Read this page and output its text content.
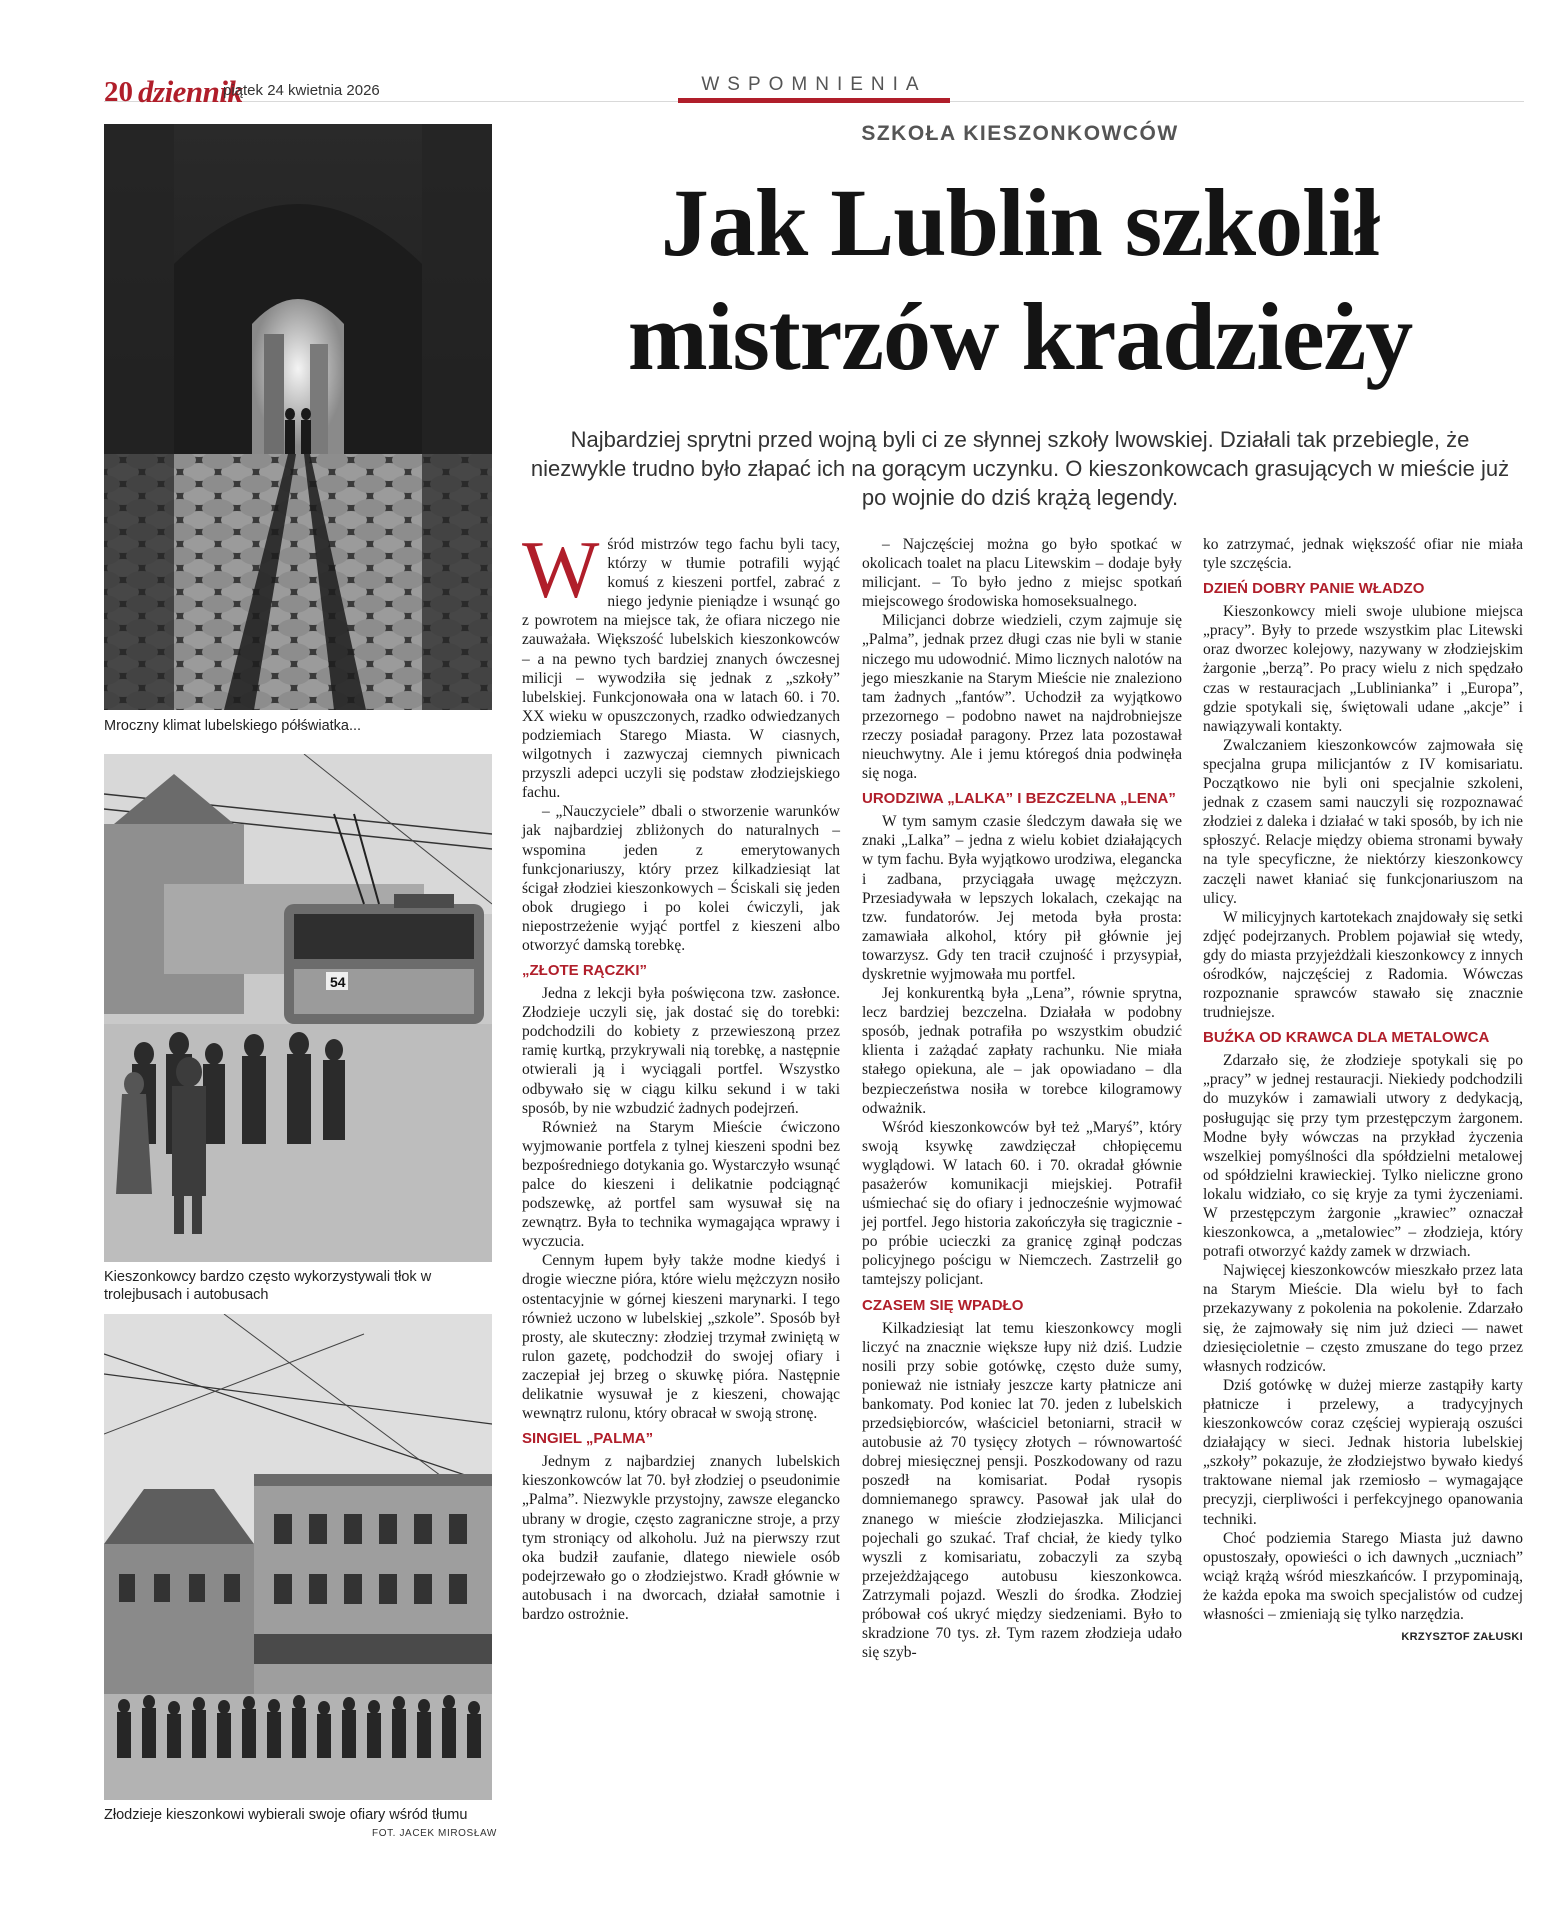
20 dziennik
piątek 24 kwietnia 2026	WSPOMNIENIA
Mroczny klimat lubelskiego półświatka...
54
Kieszonkowcy bardzo często wykorzystywali tłok w trolejbusach i autobusach
Złodzieje kieszonkowi wybierali swoje ofiary wśród tłumu
FOT. JACEK MIROSŁAW
SZKOŁA KIESZONKOWCÓW
Jak Lublin szkolił
mistrzów kradzieży
Najbardziej sprytni przed wojną byli ci ze słynnej szkoły lwowskiej. Działali tak przebiegle, że niezwykle trudno było złapać ich na gorącym uczynku. O kieszonkowcach grasujących w mieście już po wojnie do dziś krążą legendy.

Wśród mistrzów tego fachu byli tacy, którzy w tłumie potrafili wyjąć komuś z kieszeni portfel, zabrać z niego jedynie pieniądze i wsunąć go z powrotem na miejsce tak, że ofiara niczego nie zauważała. Większość lubelskich kieszonkowców – a na pewno tych bardziej znanych ówczesnej milicji – wywodziła się jednak z „szkoły” lubelskiej. Funkcjonowała ona w latach 60. i 70. XX wieku w opuszczonych, rzadko odwiedzanych podziemiach Starego Miasta. W ciasnych, wilgotnych i zazwyczaj ciemnych piwnicach przyszli adepci uczyli się podstaw złodziejskiego fachu.

– „Nauczyciele” dbali o stworzenie warunków jak najbardziej zbliżonych do naturalnych – wspomina jeden z emerytowanych funkcjonariuszy, który przez kilkadziesiąt lat ścigał złodziei kieszonkowych – Ściskali się jeden obok drugiego i po kolei ćwiczyli, jak niepostrzeżenie wyjąć portfel z kieszeni albo otworzyć damską torebkę.

„ZŁOTE RĄCZKI”

Jedna z lekcji była poświęcona tzw. zasłonce. Złodzieje uczyli się, jak dostać się do torebki: podchodzili do kobiety z przewieszoną przez ramię kurtką, przykrywali nią torebkę, a następnie otwierali ją i wyciągali portfel. Wszystko odbywało się w ciągu kilku sekund i w taki sposób, by nie wzbudzić żadnych podejrzeń.

Również na Starym Mieście ćwiczono wyjmowanie portfela z tylnej kieszeni spodni bez bezpośredniego dotykania go. Wystarczyło wsunąć palce do kieszeni i delikatnie podciągnąć podszewkę, aż portfel sam wysuwał się na zewnątrz. Była to technika wymagająca wprawy i wyczucia.

Cennym łupem były także modne kiedyś i drogie wieczne pióra, które wielu mężczyzn nosiło ostentacyjnie w górnej kieszeni marynarki. I tego również uczono w lubelskiej „szkole”. Sposób był prosty, ale skuteczny: złodziej trzymał zwiniętą w rulon gazetę, podchodził do swojej ofiary i zaczepiał jej brzeg o skuwkę pióra. Następnie delikatnie wysuwał je z kieszeni, chowając wewnątrz rulonu, który obracał w swoją stronę.

SINGIEL „PALMA”

Jednym z najbardziej znanych lubelskich kieszonkowców lat 70. był złodziej o pseudonimie „Palma”. Niezwykle przystojny, zawsze elegancko ubrany w drogie, często zagraniczne stroje, a przy tym stroniący od alkoholu. Już na pierwszy rzut oka budził zaufanie, dlatego niewiele osób podejrzewało go o złodziejstwo. Kradł głównie w autobusach i na dworcach, działał samotnie i bardzo ostrożnie.

– Najczęściej można go było spotkać w okolicach toalet na placu Litewskim – dodaje były milicjant. – To było jedno z miejsc spotkań miejscowego środowiska homoseksualnego.

Milicjanci dobrze wiedzieli, czym zajmuje się „Palma”, jednak przez długi czas nie byli w stanie niczego mu udowodnić. Mimo licznych nalotów na jego mieszkanie na Starym Mieście nie znaleziono tam żadnych „fantów”. Uchodził za wyjątkowo przezornego – podobno nawet na najdrobniejsze rzeczy posiadał paragony. Przez lata pozostawał nieuchwytny. Ale i jemu któregoś dnia podwinęła się noga.

URODZIWA „LALKA” I BEZCZELNA „LENA”

W tym samym czasie śledczym dawała się we znaki „Lalka” – jedna z wielu kobiet działających w tym fachu. Była wyjątkowo urodziwa, elegancka i zadbana, przyciągała uwagę mężczyzn. Przesiadywała w lepszych lokalach, czekając na tzw. fundatorów. Jej metoda była prosta: zamawiała alkohol, który pił głównie jej towarzysz. Gdy ten tracił czujność i przysypiał, dyskretnie wyjmowała mu portfel.

Jej konkurentką była „Lena”, równie sprytna, lecz bardziej bezczelna. Działała w podobny sposób, jednak potrafiła po wszystkim obudzić klienta i zażądać zapłaty rachunku. Nie miała stałego opiekuna, ale – jak opowiadano – dla bezpieczeństwa nosiła w torebce kilogramowy odważnik.

Wśród kieszonkowców był też „Maryś”, który swoją ksywkę zawdzięczał chłopięcemu wyglądowi. W latach 60. i 70. okradał głównie pasażerów komunikacji miejskiej. Potrafił uśmiechać się do ofiary i jednocześnie wyjmować jej portfel. Jego historia zakończyła się tragicznie - po próbie ucieczki za granicę zginął podczas policyjnego pościgu w Niemczech. Zastrzelił go tamtejszy policjant.

CZASEM SIĘ WPADŁO

Kilkadziesiąt lat temu kieszonkowcy mogli liczyć na znacznie większe łupy niż dziś. Ludzie nosili przy sobie gotówkę, często duże sumy, ponieważ nie istniały jeszcze karty płatnicze ani bankomaty. Pod koniec lat 70. jeden z lubelskich przedsiębiorców, właściciel betoniarni, stracił w autobusie aż 70 tysięcy złotych – równowartość dobrej miesięcznej pensji. Poszkodowany od razu poszedł na komisariat. Podał rysopis domniemanego sprawcy. Pasował jak ulał do znanego w mieście złodziejaszka. Milicjanci pojechali go szukać. Traf chciał, że kiedy tylko wyszli z komisariatu, zobaczyli za szybą przejeżdżającego autobusu kieszonkowca. Zatrzymali pojazd. Weszli do środka. Złodziej próbował coś ukryć między siedzeniami. Było to skradzione 70 tys. zł. Tym razem złodzieja udało się szyb-

ko zatrzymać, jednak większość ofiar nie miała tyle szczęścia.

DZIEŃ DOBRY PANIE WŁADZO

Kieszonkowcy mieli swoje ulubione miejsca „pracy”. Były to przede wszystkim plac Litewski oraz dworzec kolejowy, nazywany w złodziejskim żargonie „berzą”. Po pracy wielu z nich spędzało czas w restauracjach „Lublinianka” i „Europa”, gdzie spotykali się, świętowali udane „akcje” i nawiązywali kontakty.

Zwalczaniem kieszonkowców zajmowała się specjalna grupa milicjantów z IV komisariatu. Początkowo nie byli oni specjalnie szkoleni, jednak z czasem sami nauczyli się rozpoznawać złodziei z daleka i działać w taki sposób, by ich nie spłoszyć. Relacje między obiema stronami bywały na tyle specyficzne, że niektórzy kieszonkowcy zaczęli nawet kłaniać się funkcjonariuszom na ulicy.

W milicyjnych kartotekach znajdowały się setki zdjęć podejrzanych. Problem pojawiał się wtedy, gdy do miasta przyjeżdżali kieszonkowcy z innych ośrodków, najczęściej z Radomia. Wówczas rozpoznanie sprawców stawało się znacznie trudniejsze.

BUŹKA OD KRAWCA DLA METALOWCA

Zdarzało się, że złodzieje spotykali się po „pracy” w jednej restauracji. Niekiedy podchodzili do muzyków i zamawiali utwory z dedykacją, posługując się przy tym przestępczym żargonem. Modne były wówczas na przykład życzenia wszelkiej pomyślności dla spółdzielni metalowej od spółdzielni krawieckiej. Tylko nieliczne grono lokalu widziało, co się kryje za tymi życzeniami. W przestępczym żargonie „krawiec” oznaczał kieszonkowca, a „metalowiec” – złodzieja, który potrafi otworzyć każdy zamek w drzwiach.

Najwięcej kieszonkowców mieszkało przez lata na Starym Mieście. Dla wielu był to fach przekazywany z pokolenia na pokolenie. Zdarzało się, że zajmowały się nim już dzieci — nawet dziesięcioletnie – często zmuszane do tego przez własnych rodziców.

Dziś gotówkę w dużej mierze zastąpiły karty płatnicze i przelewy, a tradycyjnych kieszonkowców coraz częściej wypierają oszuści działający w sieci. Jednak historia lubelskiej „szkoły” pokazuje, że złodziejstwo bywało kiedyś traktowane niemal jak rzemiosło – wymagające precyzji, cierpliwości i perfekcyjnego opanowania techniki.

Choć podziemia Starego Miasta już dawno opustoszały, opowieści o ich dawnych „uczniach” wciąż krążą wśród mieszkańców. I przypominają, że każda epoka ma swoich specjalistów od cudzej własności – zmieniają się tylko narzędzia.

KRZYSZTOF ZAŁUSKI
